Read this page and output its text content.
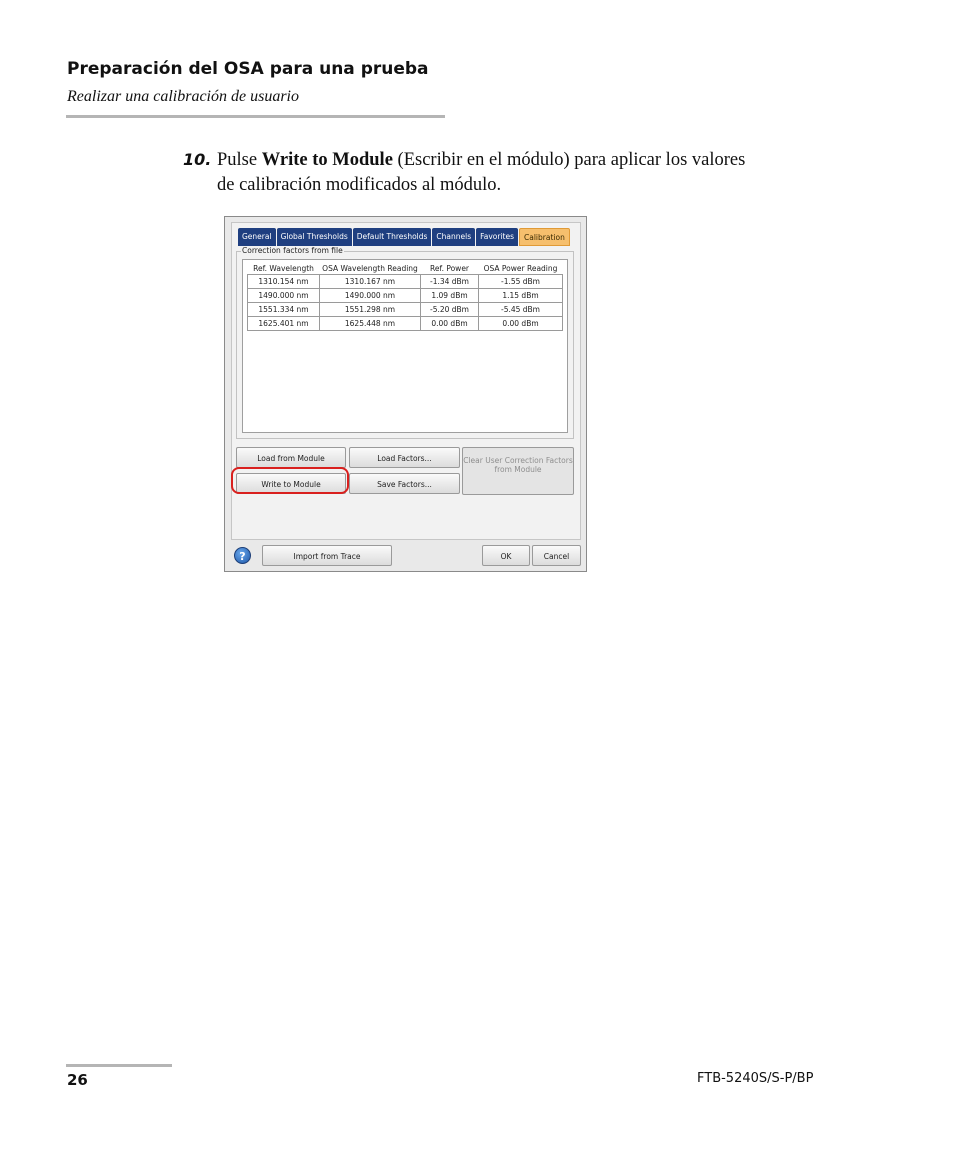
Preparación del OSA para una prueba
Realizar una calibración de usuario
10. Pulse Write to Module (Escribir en el módulo) para aplicar los valores
de calibración modificados al módulo.
General	Global Thresholds	Default Thresholds	Channels	Favorites	Calibration
Correction factors from file
Ref. Wavelength	OSA Wavelength Reading	Ref. Power	OSA Power Reading
1310.154 nm	1310.167 nm	-1.34 dBm	-1.55 dBm
1490.000 nm	1490.000 nm	1.09 dBm	1.15 dBm
1551.334 nm	1551.298 nm	-5.20 dBm	-5.45 dBm
1625.401 nm	1625.448 nm	0.00 dBm	0.00 dBm
Load from Module	Load Factors...	Clear User Correction Factors from Module
Write to Module	Save Factors...
?	Import from Trace	OK	Cancel
26	FTB-5240S/S-P/BP
